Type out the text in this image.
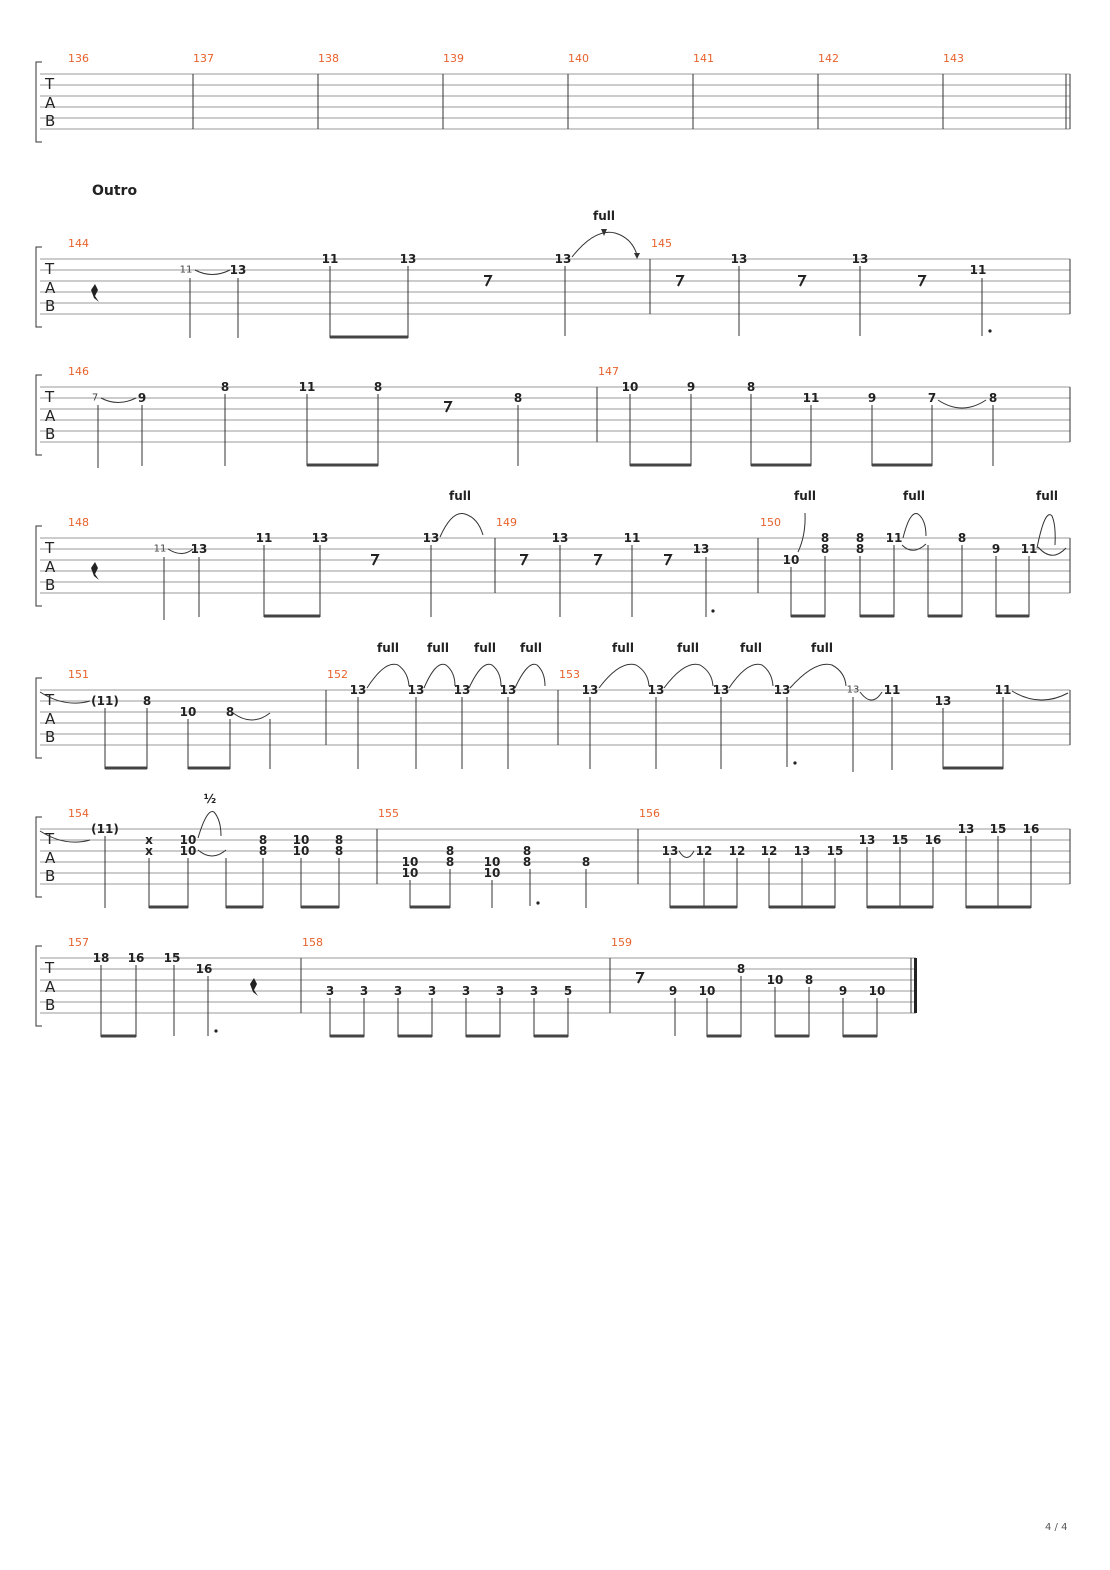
T
A
B
136	137	138	139	140	141	142	143
Outro
T
A
B
144	145
full
11	13
11	13	13	13	13
11
T
A
B
146	147
7	9
8	11	8
8
10	9	8
11	9	7	8
T
A
B
148	149	150
full	full	full	full
11 13
11	13	13	13	11
13
10
8
8
8
8
11	8
9 11
T
A
B
151	152	153
full full full full	full	full	full	full
(11) 8
10 8
13	13 13 13	13	13	13	13	13 11
13
11
T
A
B
154	155	156
½
(11)
x
x
10
10
8
8
10
10
8
8
10
10
8
8 10
10
8
8	8
13 12 12 12 13 15
13 15 16
13 15 16
T
A
B
157	158	159
18 16 15
16
3 3 3 3 3 3 3 5	9 10
8
10 8
9 10
4 / 4
